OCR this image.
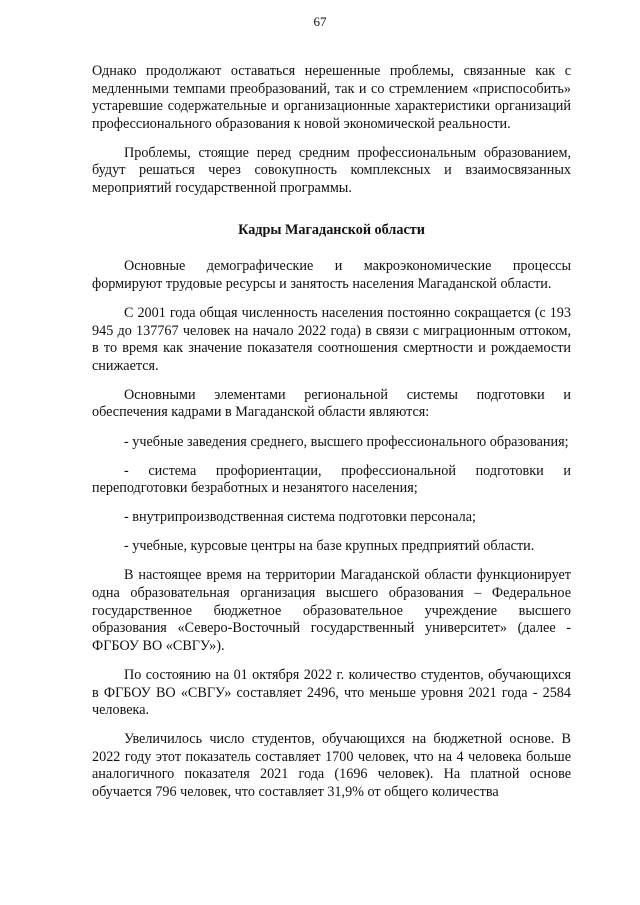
67

Однако продолжают оставаться нерешенные проблемы, связанные как с медленными темпами преобразований, так и со стремлением «приспособить» устаревшие содержательные и организационные характеристики организаций профессионального образования к новой экономической реальности.

Проблемы, стоящие перед средним профессиональным образованием, будут решаться через совокупность комплексных и взаимосвязанных мероприятий государственной программы.

Кадры Магаданской области

Основные демографические и макроэкономические процессы формируют трудовые ресурсы и занятость населения Магаданской области.

С 2001 года общая численность населения постоянно сокращается (с 193 945 до 137767 человек на начало 2022 года) в связи с миграционным оттоком, в то время как значение показателя соотношения смертности и рождаемости снижается.

Основными элементами региональной системы подготовки и обеспечения кадрами в Магаданской области являются:

- учебные заведения среднего, высшего профессионального образования;

- система профориентации, профессиональной подготовки и переподготовки безработных и незанятого населения;

- внутрипроизводственная система подготовки персонала;

- учебные, курсовые центры на базе крупных предприятий области.

В настоящее время на территории Магаданской области функционирует одна образовательная организация высшего образования – Федеральное государственное бюджетное образовательное учреждение высшего образования «Северо-Восточный государственный университет» (далее - ФГБОУ ВО «СВГУ»).

По состоянию на 01 октября 2022 г. количество студентов, обучающихся в ФГБОУ ВО «СВГУ» составляет 2496, что меньше уровня 2021 года - 2584 человека.

Увеличилось число студентов, обучающихся на бюджетной основе. В 2022 году этот показатель составляет 1700 человек, что на 4 человека больше аналогичного показателя 2021 года (1696 человек). На платной основе обучается 796 человек, что составляет 31,9% от общего количества
